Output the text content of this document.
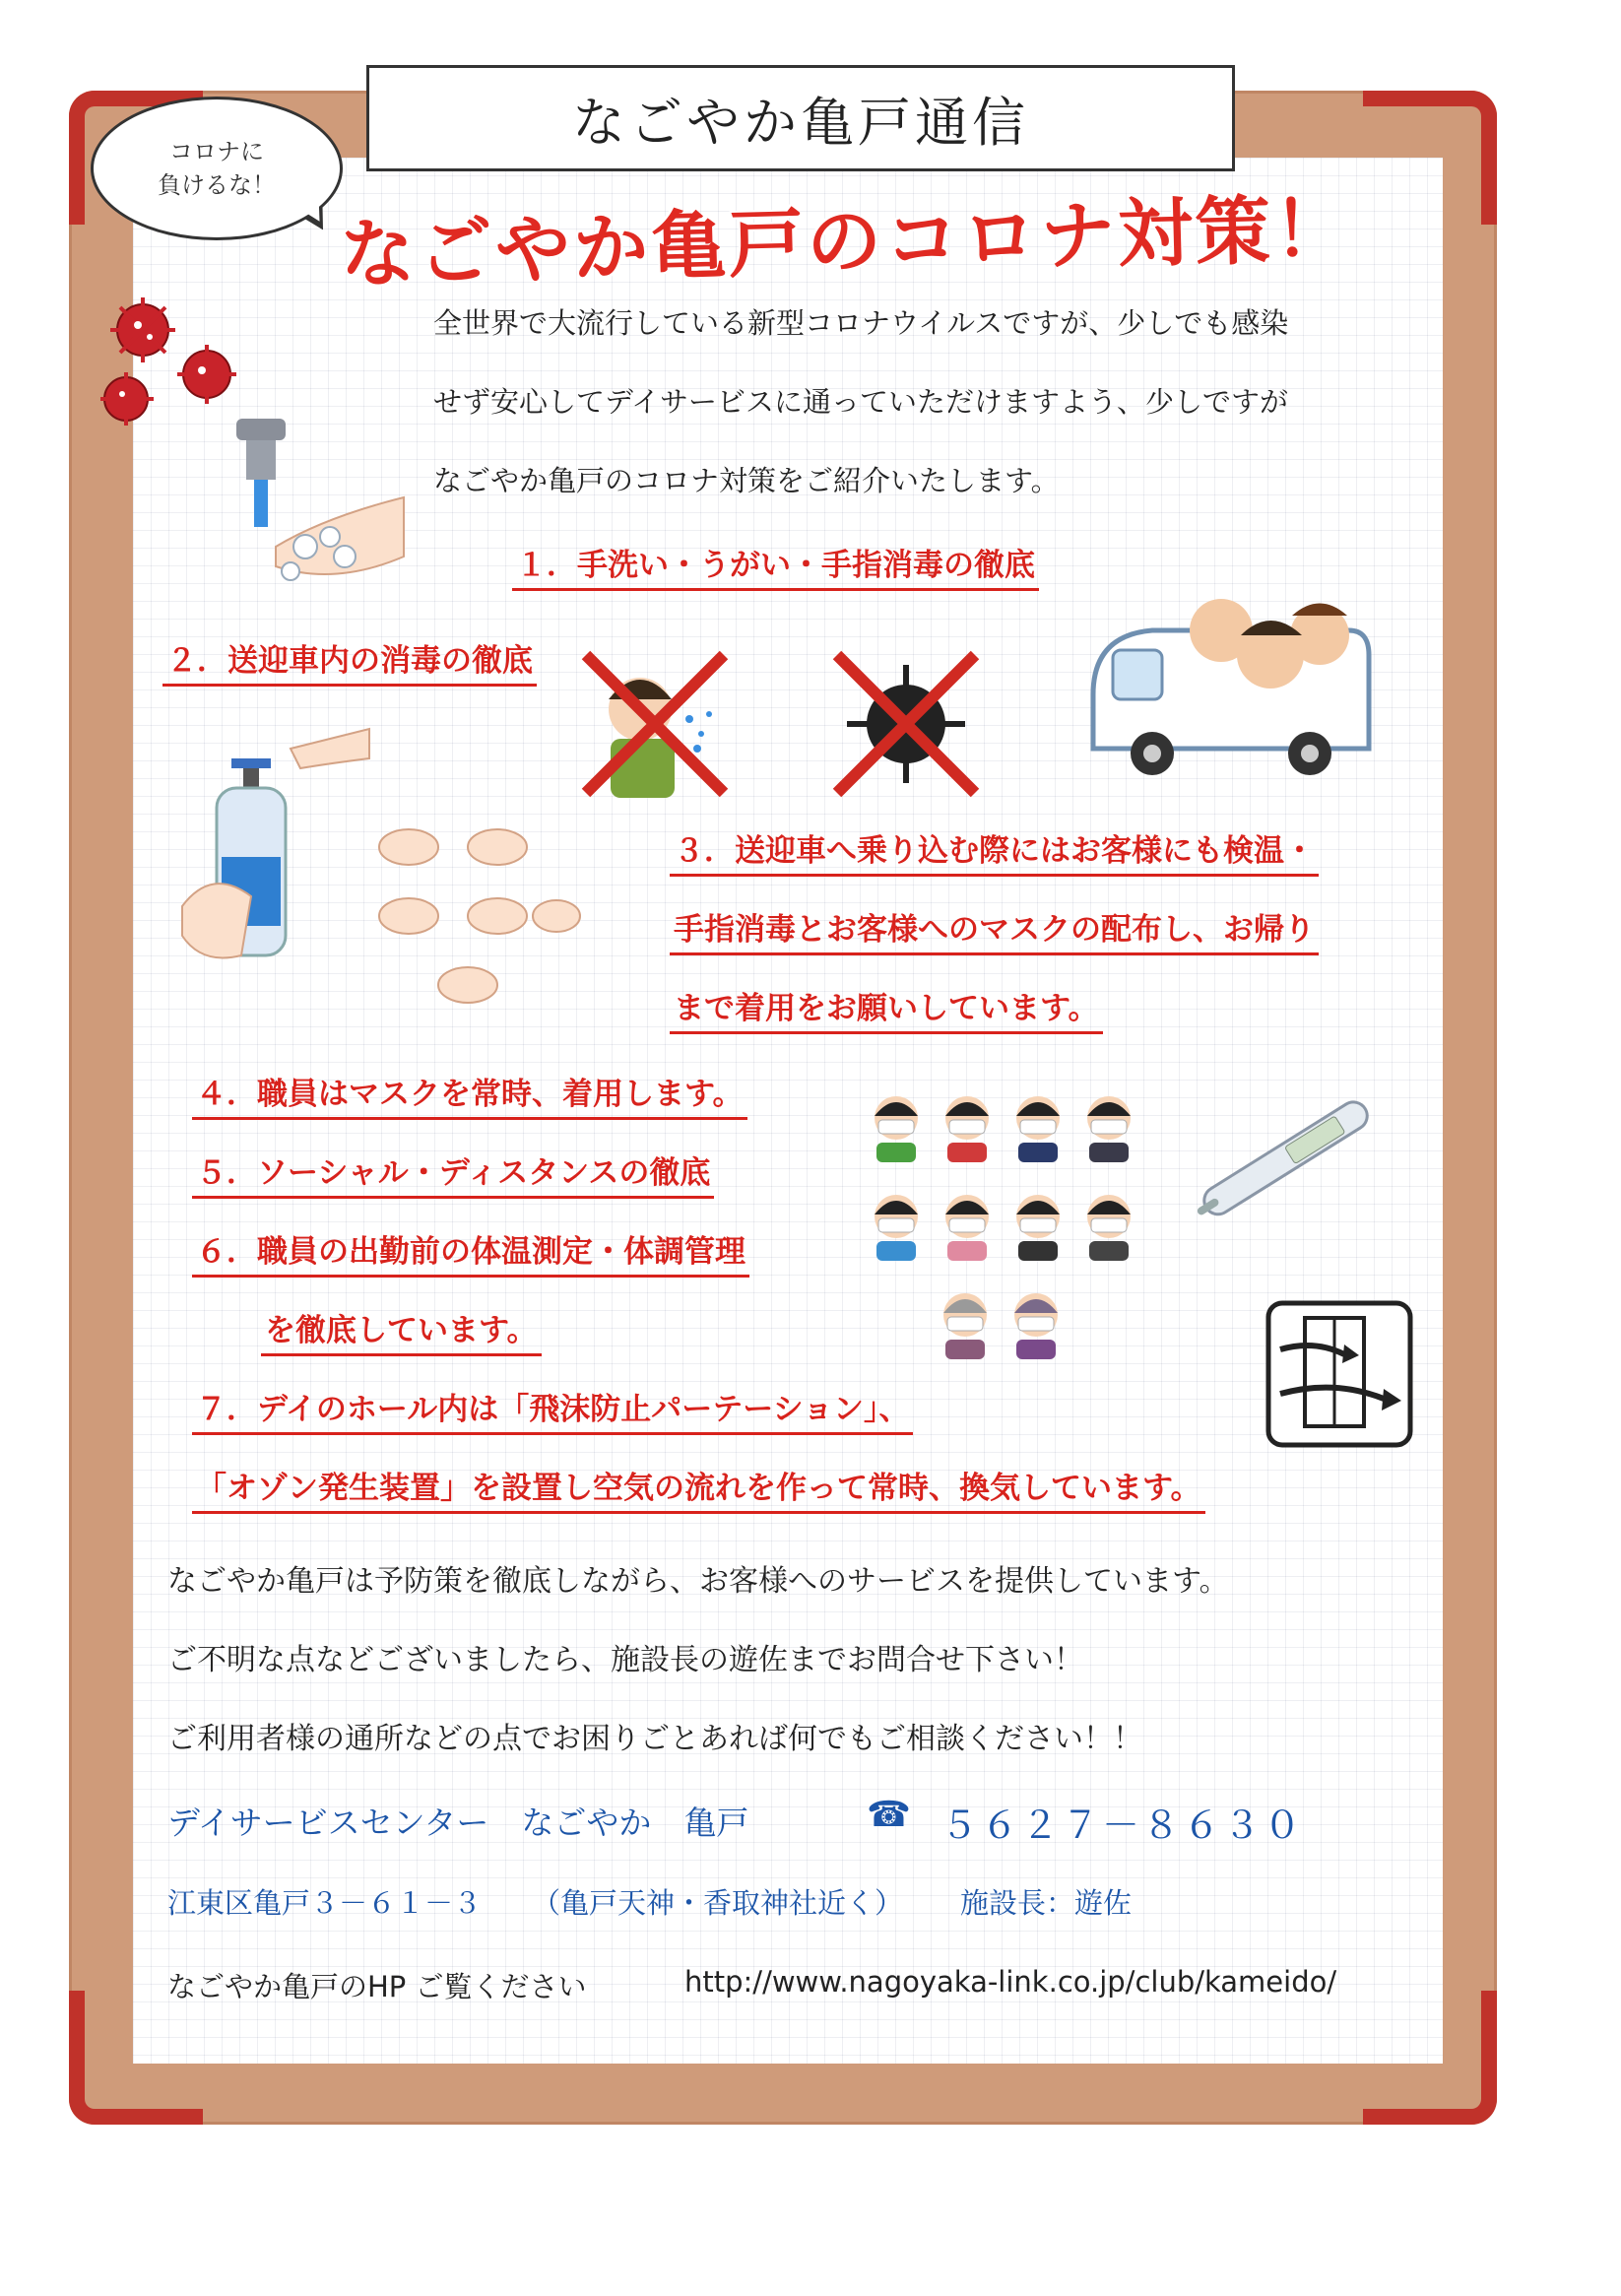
なごやか亀戸通信
コロナに
負けるな！ なごやか亀戸のコロナ対策！
全世界で大流行している新型コロナウイルスですが、少しでも感染
せず安心してデイサービスに通っていただけますよう、少しですが
なごやか亀戸のコロナ対策をご紹介いたします。
１．手洗い・うがい・手指消毒の徹底
２．送迎車内の消毒の徹底
３．送迎車へ乗り込む際にはお客様にも検温・
手指消毒とお客様へのマスクの配布し、お帰り
まで着用をお願いしています。
４．職員はマスクを常時、着用します。
５．ソーシャル・ディスタンスの徹底
６．職員の出勤前の体温測定・体調管理
を徹底しています。
７．デイのホール内は「飛沫防止パーテーション」、
「オゾン発生装置」を設置し空気の流れを作って常時、換気しています。
なごやか亀戸は予防策を徹底しながら、お客様へのサービスを提供しています。
ご不明な点などございましたら、施設長の遊佐までお問合せ下さい！
ご利用者様の通所などの点でお困りごとあれば何でもご相談ください！！
デイサービスセンター　なごやか　亀戸	☎ ５６２７－８６３０
江東区亀戸３－６１－３ （亀戸天神・香取神社近く） 施設長：遊佐
なごやか亀戸のHP ご覧ください	http://www.nagoyaka-link.co.jp/club/kameido/
